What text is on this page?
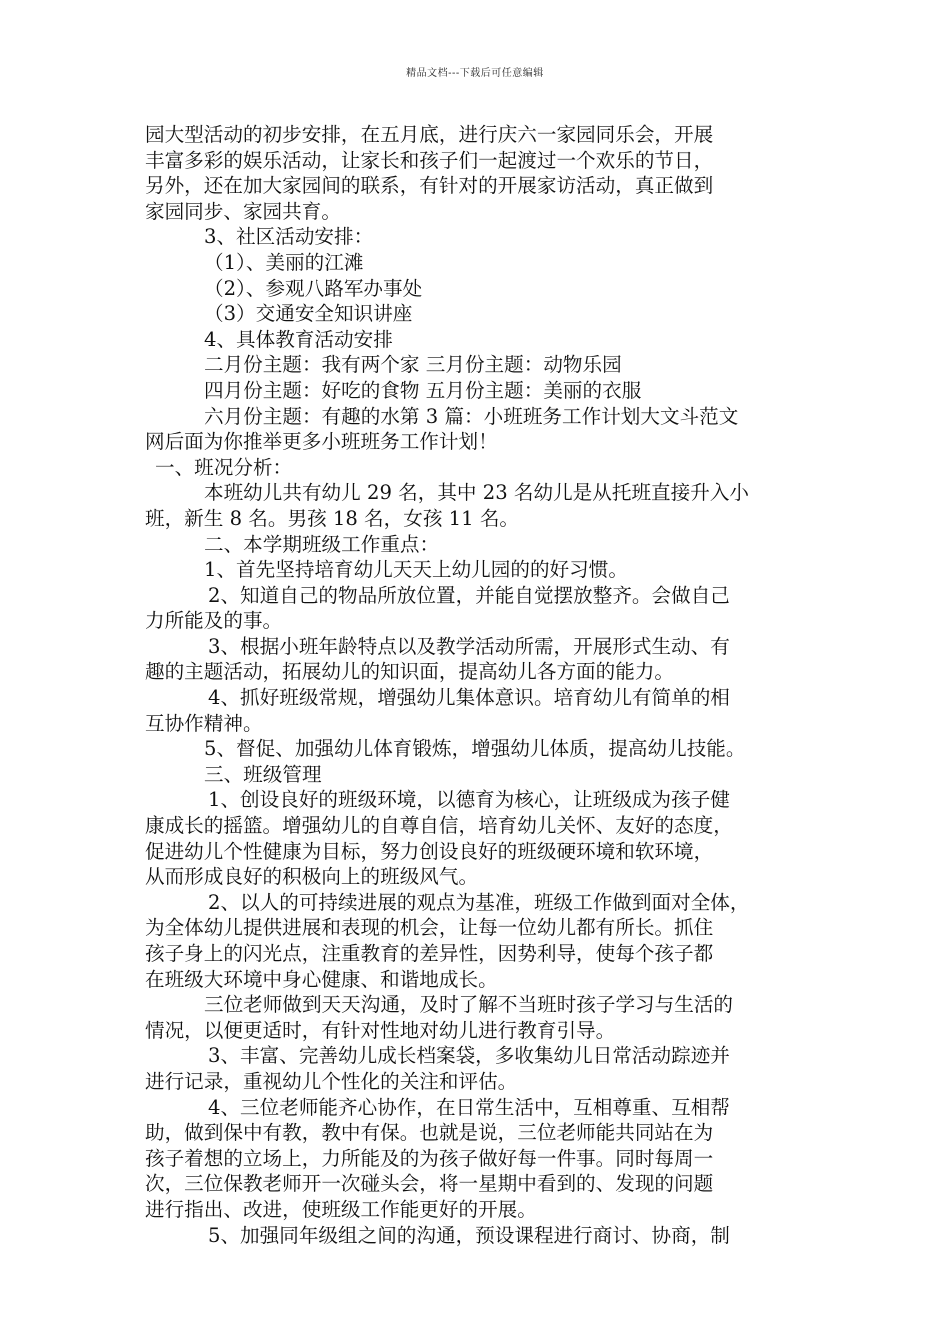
精品文档---下载后可任意编辑

园大型活动的初步安排，在五月底，进行庆六一家园同乐会，开展

丰富多彩的娱乐活动，让家长和孩子们一起渡过一个欢乐的节日，

另外，还在加大家园间的联系，有针对的开展家访活动，真正做到

家园同步、家园共育。

3、社区活动安排：

（1）、美丽的江滩

（2）、参观八路军办事处

（3）交通安全知识讲座

4、具体教育活动安排

二月份主题：我有两个家 三月份主题：动物乐园

四月份主题：好吃的食物 五月份主题：美丽的衣服

六月份主题：有趣的水第 3 篇：小班班务工作计划大文斗范文

网后面为你推举更多小班班务工作计划！

一、班况分析：

本班幼儿共有幼儿 29 名，其中 23 名幼儿是从托班直接升入小

班，新生 8 名。男孩 18 名，女孩 11 名。

二、本学期班级工作重点：

1、首先坚持培育幼儿天天上幼儿园的的好习惯。

2、知道自己的物品所放位置，并能自觉摆放整齐。会做自己

力所能及的事。

3、根据小班年龄特点以及教学活动所需，开展形式生动、有

趣的主题活动，拓展幼儿的知识面，提高幼儿各方面的能力。

4、抓好班级常规，增强幼儿集体意识。培育幼儿有简单的相

互协作精神。

5、督促、加强幼儿体育锻炼，增强幼儿体质，提高幼儿技能。

三、班级管理

1、创设良好的班级环境，以德育为核心，让班级成为孩子健

康成长的摇篮。增强幼儿的自尊自信，培育幼儿关怀、友好的态度，

促进幼儿个性健康为目标，努力创设良好的班级硬环境和软环境，

从而形成良好的积极向上的班级风气。

2、以人的可持续进展的观点为基准，班级工作做到面对全体，

为全体幼儿提供进展和表现的机会，让每一位幼儿都有所长。抓住

孩子身上的闪光点，注重教育的差异性，因势利导，使每个孩子都

在班级大环境中身心健康、和谐地成长。

三位老师做到天天沟通，及时了解不当班时孩子学习与生活的

情况，以便更适时，有针对性地对幼儿进行教育引导。

3、丰富、完善幼儿成长档案袋，多收集幼儿日常活动踪迹并

进行记录，重视幼儿个性化的关注和评估。

4、三位老师能齐心协作，在日常生活中，互相尊重、互相帮

助，做到保中有教，教中有保。也就是说，三位老师能共同站在为

孩子着想的立场上，力所能及的为孩子做好每一件事。同时每周一

次，三位保教老师开一次碰头会，将一星期中看到的、发现的问题

进行指出、改进，使班级工作能更好的开展。

5、加强同年级组之间的沟通，预设课程进行商讨、协商，制
